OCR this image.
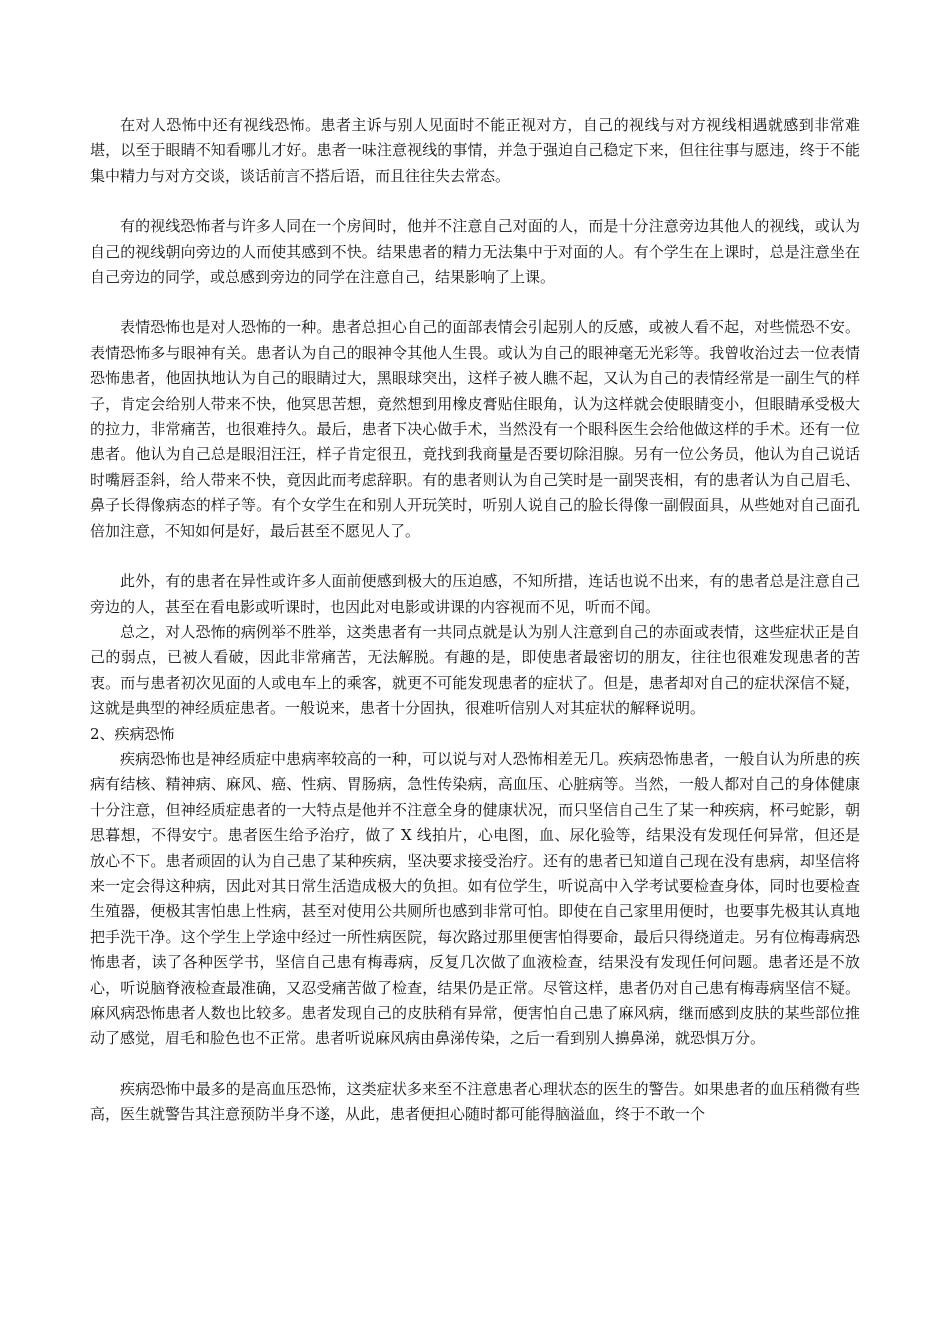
在对人恐怖中还有视线恐怖。患者主诉与别人见面时不能正视对方，自己的视线与对方视线相遇就感到非常难堪，以至于眼睛不知看哪儿才好。患者一味注意视线的事情，并急于强迫自己稳定下来，但往往事与愿违，终于不能集中精力与对方交谈，谈话前言不搭后语，而且往往失去常态。

有的视线恐怖者与许多人同在一个房间时，他并不注意自己对面的人，而是十分注意旁边其他人的视线，或认为自己的视线朝向旁边的人而使其感到不快。结果患者的精力无法集中于对面的人。有个学生在上课时，总是注意坐在自己旁边的同学，或总感到旁边的同学在注意自己，结果影响了上课。

表情恐怖也是对人恐怖的一种。患者总担心自己的面部表情会引起别人的反感，或被人看不起，对些慌恐不安。表情恐怖多与眼神有关。患者认为自己的眼神令其他人生畏。或认为自己的眼神毫无光彩等。我曾收治过去一位表情恐怖患者，他固执地认为自己的眼睛过大，黑眼球突出，这样子被人瞧不起，又认为自己的表情经常是一副生气的样子，肯定会给别人带来不快，他冥思苦想，竟然想到用橡皮膏贴住眼角，认为这样就会使眼睛变小，但眼睛承受极大的拉力，非常痛苦，也很难持久。最后，患者下决心做手术，当然没有一个眼科医生会给他做这样的手术。还有一位患者。他认为自己总是眼泪汪汪，样子肯定很丑，竟找到我商量是否要切除泪腺。另有一位公务员，他认为自己说话时嘴唇歪斜，给人带来不快，竟因此而考虑辞职。有的患者则认为自己笑时是一副哭丧相，有的患者认为自己眉毛、鼻子长得像病态的样子等。有个女学生在和别人开玩笑时，听别人说自己的脸长得像一副假面具，从些她对自己面孔倍加注意，不知如何是好，最后甚至不愿见人了。

此外，有的患者在异性或许多人面前便感到极大的压迫感，不知所措，连话也说不出来，有的患者总是注意自己旁边的人，甚至在看电影或听课时，也因此对电影或讲课的内容视而不见，听而不闻。

总之，对人恐怖的病例举不胜举，这类患者有一共同点就是认为别人注意到自己的赤面或表情，这些症状正是自己的弱点，已被人看破，因此非常痛苦，无法解脱。有趣的是，即使患者最密切的朋友，往往也很难发现患者的苦衷。而与患者初次见面的人或电车上的乘客，就更不可能发现患者的症状了。但是，患者却对自己的症状深信不疑，这就是典型的神经质症患者。一般说来，患者十分固执，很难听信别人对其症状的解释说明。

2、疾病恐怖

疾病恐怖也是神经质症中患病率较高的一种，可以说与对人恐怖相差无几。疾病恐怖患者，一般自认为所患的疾病有结核、精神病、麻风、癌、性病、胃肠病，急性传染病，高血压、心脏病等。当然，一般人都对自己的身体健康十分注意，但神经质症患者的一大特点是他并不注意全身的健康状况，而只坚信自己生了某一种疾病，杯弓蛇影，朝思暮想，不得安宁。患者医生给予治疗，做了 X 线拍片，心电图，血、尿化验等，结果没有发现任何异常，但还是放心不下。患者顽固的认为自己患了某种疾病，坚决要求接受治疗。还有的患者已知道自己现在没有患病，却坚信将来一定会得这种病，因此对其日常生活造成极大的负担。如有位学生，听说高中入学考试要检查身体，同时也要检查生殖器，便极其害怕患上性病，甚至对使用公共厕所也感到非常可怕。即使在自己家里用便时，也要事先极其认真地把手洗干净。这个学生上学途中经过一所性病医院，每次路过那里便害怕得要命，最后只得绕道走。另有位梅毒病恐怖患者，读了各种医学书，坚信自己患有梅毒病，反复几次做了血液检查，结果没有发现任何问题。患者还是不放心，听说脑脊液检查最准确，又忍受痛苦做了检查，结果仍是正常。尽管这样，患者仍对自己患有梅毒病坚信不疑。麻风病恐怖患者人数也比较多。患者发现自己的皮肤稍有异常，便害怕自己患了麻风病，继而感到皮肤的某些部位推动了感觉，眉毛和脸色也不正常。患者听说麻风病由鼻涕传染，之后一看到别人擤鼻涕，就恐惧万分。

疾病恐怖中最多的是高血压恐怖，这类症状多来至不注意患者心理状态的医生的警告。如果患者的血压稍微有些高，医生就警告其注意预防半身不遂，从此，患者便担心随时都可能得脑溢血，终于不敢一个
